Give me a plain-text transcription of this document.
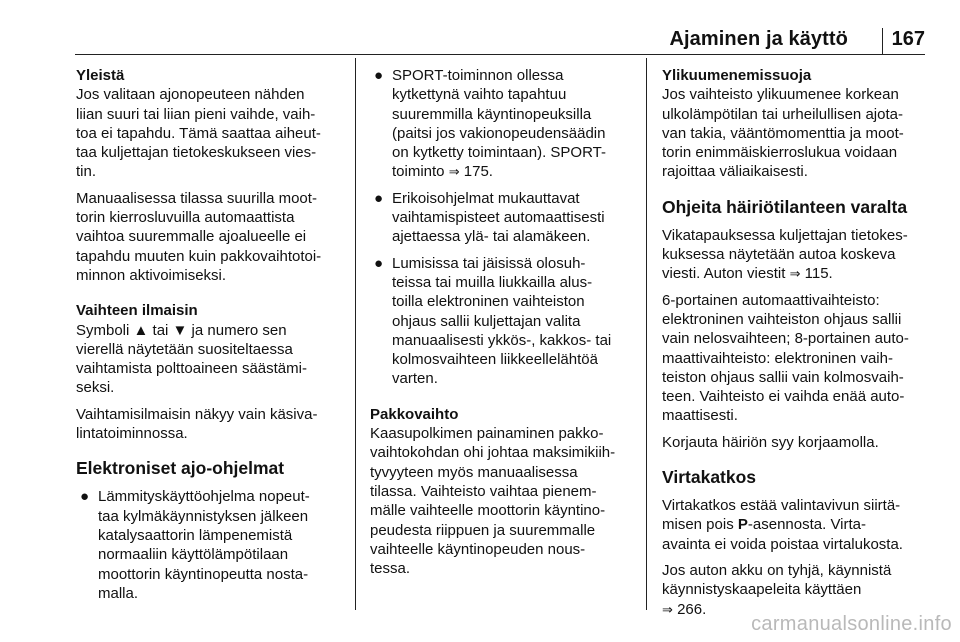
Ajaminen ja käyttö 167

Yleistä
Jos valitaan ajonopeuteen nähden
liian suuri tai liian pieni vaihde, vaih-
toa ei tapahdu. Tämä saattaa aiheut-
taa kuljettajan tietokeskukseen vies-
tin.

Manuaalisessa tilassa suurilla moot-
torin kierrosluvuilla automaattista
vaihtoa suuremmalle ajoalueelle ei
tapahdu muuten kuin pakkovaihtotoi-
minnon aktivoimiseksi.

Vaihteen ilmaisin
Symboli ▲ tai ▼ ja numero sen
vierellä näytetään suositeltaessa
vaihtamista polttoaineen säästämi-
seksi.

Vaihtamisilmaisin näkyy vain käsiva-
lintatoiminnossa.

Elektroniset ajo-ohjelmat
● Lämmityskäyttöohjelma nopeut-
taa kylmäkäynnistyksen jälkeen
katalysaattorin lämpenemistä
normaaliin käyttölämpötilaan
moottorin käyntinopeutta nosta-
malla.
● SPORT-toiminnon ollessa
kytkettynä vaihto tapahtuu
suuremmilla käyntinopeuksilla
(paitsi jos vakionopeudensäädin
on kytketty toimintaan). SPORT-
toiminto ⇒ 175.
● Erikoisohjelmat mukauttavat
vaihtamispisteet automaattisesti
ajettaessa ylä- tai alamäkeen.
● Lumisissa tai jäisissä olosuh-
teissa tai muilla liukkailla alus-
toilla elektroninen vaihteiston
ohjaus sallii kuljettajan valita
manuaalisesti ykkös-, kakkos- tai
kolmosvaihteen liikkeellelähtöä
varten.

Pakkovaihto
Kaasupolkimen painaminen pakko-
vaihtokohdan ohi johtaa maksimikiih-
tyvyyteen myös manuaalisessa
tilassa. Vaihteisto vaihtaa pienem-
mälle vaihteelle moottorin käyntino-
peudesta riippuen ja suuremmalle
vaihteelle käyntinopeuden nous-
tessa.

Ylikuumenemissuoja
Jos vaihteisto ylikuumenee korkean
ulkolämpötilan tai urheilullisen ajota-
van takia, vääntömomenttia ja moot-
torin enimmäiskierroslukua voidaan
rajoittaa väliaikaisesti.

Ohjeita häiriötilanteen varalta

Vikatapauksessa kuljettajan tietokes-
kuksessa näytetään autoa koskeva
viesti. Auton viestit ⇒ 115.

6-portainen automaattivaihteisto:
elektroninen vaihteiston ohjaus sallii
vain nelosvaihteen; 8-portainen auto-
maattivaihteisto: elektroninen vaih-
teiston ohjaus sallii vain kolmosvaih-
teen. Vaihteisto ei vaihda enää auto-
maattisesti.

Korjauta häiriön syy korjaamolla.

Virtakatkos

Virtakatkos estää valintavivun siirtä-
misen pois P-asennosta. Virta-
avainta ei voida poistaa virtalukosta.

Jos auton akku on tyhjä, käynnistä
käynnistyskaapeleita käyttäen
⇒ 266.

carmanualsonline.info
